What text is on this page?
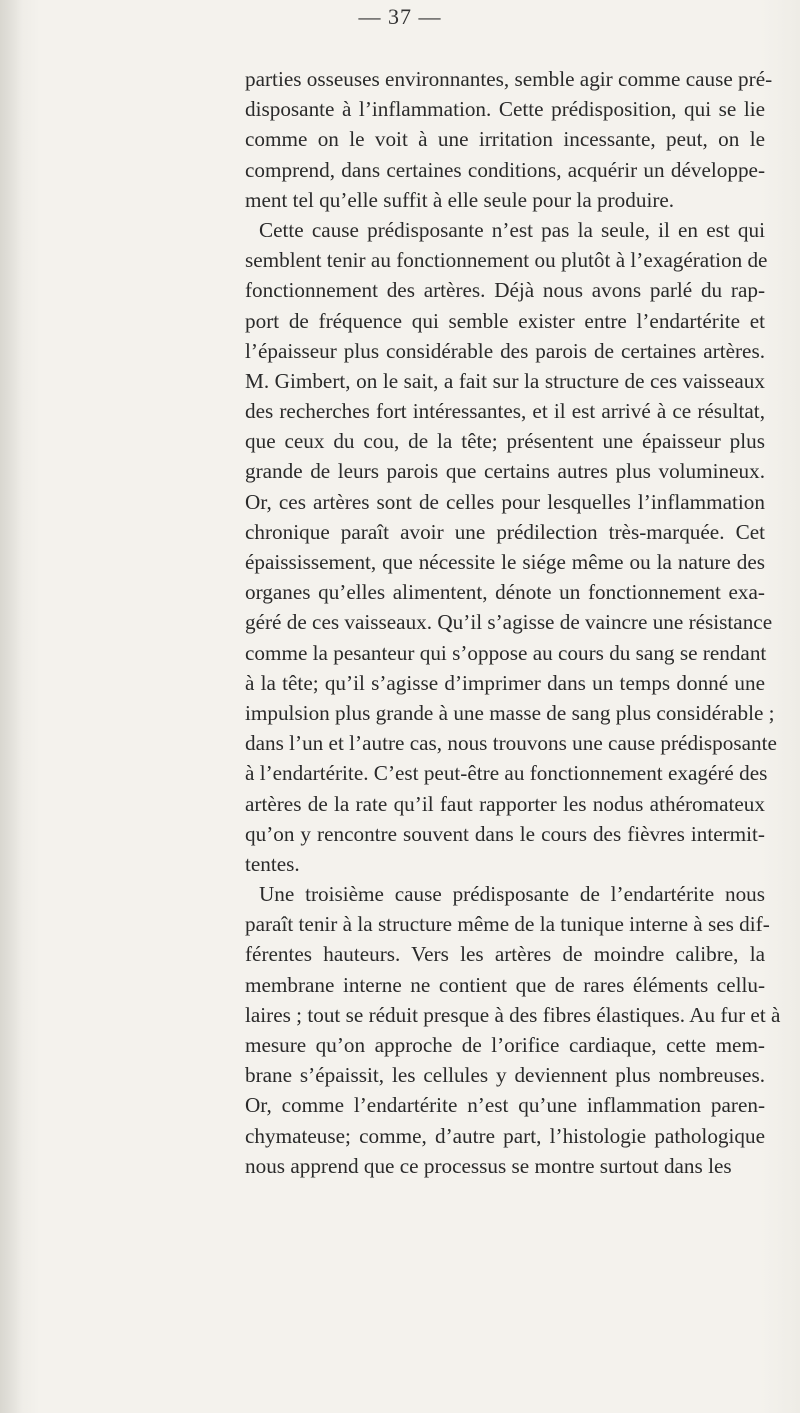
— 37 —
parties osseuses environnantes, semble agir comme cause pré-
disposante à l’inflammation. Cette prédisposition, qui se lie
comme on le voit à une irritation incessante, peut, on le
comprend, dans certaines conditions, acquérir un développe-
ment tel qu’elle suffit à elle seule pour la produire.
Cette cause prédisposante n’est pas la seule, il en est qui
semblent tenir au fonctionnement ou plutôt à l’exagération de
fonctionnement des artères. Déjà nous avons parlé du rap-
port de fréquence qui semble exister entre l’endartérite et
l’épaisseur plus considérable des parois de certaines artères.
M. Gimbert, on le sait, a fait sur la structure de ces vaisseaux
des recherches fort intéressantes, et il est arrivé à ce résultat,
que ceux du cou, de la tête; présentent une épaisseur plus
grande de leurs parois que certains autres plus volumineux.
Or, ces artères sont de celles pour lesquelles l’inflammation
chronique paraît avoir une prédilection très-marquée. Cet
épaississement, que nécessite le siége même ou la nature des
organes qu’elles alimentent, dénote un fonctionnement exa-
géré de ces vaisseaux. Qu’il s’agisse de vaincre une résistance
comme la pesanteur qui s’oppose au cours du sang se rendant
à la tête; qu’il s’agisse d’imprimer dans un temps donné une
impulsion plus grande à une masse de sang plus considérable ;
dans l’un et l’autre cas, nous trouvons une cause prédisposante
à l’endartérite. C’est peut-être au fonctionnement exagéré des
artères de la rate qu’il faut rapporter les nodus athéromateux
qu’on y rencontre souvent dans le cours des fièvres intermit-
tentes.
Une troisième cause prédisposante de l’endartérite nous
paraît tenir à la structure même de la tunique interne à ses dif-
férentes hauteurs. Vers les artères de moindre calibre, la
membrane interne ne contient que de rares éléments cellu-
laires ; tout se réduit presque à des fibres élastiques. Au fur et à
mesure qu’on approche de l’orifice cardiaque, cette mem-
brane s’épaissit, les cellules y deviennent plus nombreuses.
Or, comme l’endartérite n’est qu’une inflammation paren-
chymateuse; comme, d’autre part, l’histologie pathologique
nous apprend que ce processus se montre surtout dans les
